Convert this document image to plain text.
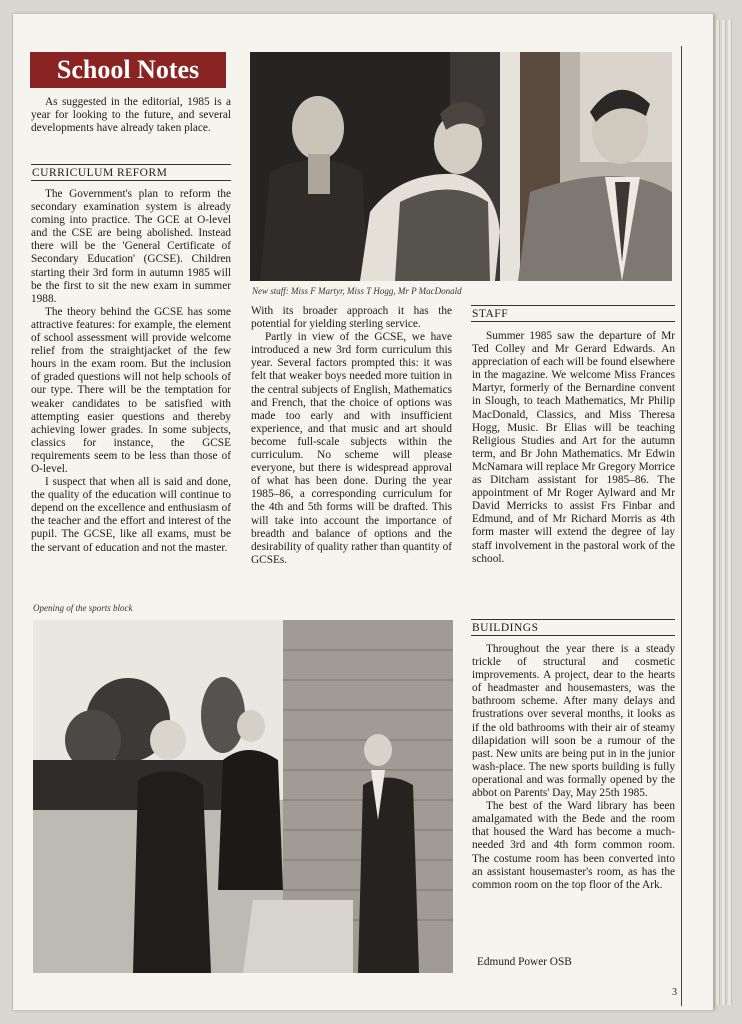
School Notes

As suggested in the editorial, 1985 is a year for looking to the future, and several developments have already taken place.

CURRICULUM REFORM

The Government's plan to reform the secondary examination system is already coming into practice. The GCE at O-level and the CSE are being abolished. Instead there will be the 'General Certificate of Secondary Education' (GCSE). Children starting their 3rd form in autumn 1985 will be the first to sit the new exam in summer 1988.

The theory behind the GCSE has some attractive features: for example, the element of school assessment will provide welcome relief from the straightjacket of the few hours in the exam room. But the inclusion of graded questions will not help schools of our type. There will be the temptation for weaker candidates to be satisfied with attempting easier questions and thereby achieving lower grades. In some subjects, classics for instance, the GCSE requirements seem to be less than those of O-level.

I suspect that when all is said and done, the quality of the education will continue to depend on the excellence and enthusiasm of the teacher and the effort and interest of the pupil. The GCSE, like all exams, must be the servant of education and not the master.

With its broader approach it has the potential for yielding sterling service.

Partly in view of the GCSE, we have introduced a new 3rd form curriculum this year. Several factors prompted this: it was felt that weaker boys needed more tuition in the central subjects of English, Mathematics and French, that the choice of options was made too early and with insufficient experience, and that music and art should become full-scale subjects within the curriculum. No scheme will please everyone, but there is widespread approval of what has been done. During the year 1985–86, a corresponding curriculum for the 4th and 5th forms will be drafted. This will take into account the importance of breadth and balance of options and the desirability of quality rather than quantity of GCSEs.

New staff: Miss F Martyr, Miss T Hogg, Mr P MacDonald
STAFF

Summer 1985 saw the departure of Mr Ted Colley and Mr Gerard Edwards. An appreciation of each will be found elsewhere in the magazine. We welcome Miss Frances Martyr, formerly of the Bernardine convent in Slough, to teach Mathematics, Mr Philip MacDonald, Classics, and Miss Theresa Hogg, Music. Br Elias will be teaching Religious Studies and Art for the autumn term, and Br John Mathematics. Mr Edwin McNamara will replace Mr Gregory Morrice as Ditcham assistant for 1985–86. The appointment of Mr Roger Aylward and Mr David Merricks to assist Frs Finbar and Edmund, and of Mr Richard Morris as 4th form master will extend the degree of lay staff involvement in the pastoral work of the school.

BUILDINGS

Throughout the year there is a steady trickle of structural and cosmetic improvements. A project, dear to the hearts of headmaster and housemasters, was the bathroom scheme. After many delays and frustrations over several months, it looks as if the old bathrooms with their air of steamy dilapidation will soon be a rumour of the past. New units are being put in in the junior wash-place. The new sports building is fully operational and was formally opened by the abbot on Parents' Day, May 25th 1985.

The best of the Ward library has been amalgamated with the Bede and the room that housed the Ward has become a much-needed 3rd and 4th form common room. The costume room has been converted into an assistant housemaster's room, as has the common room on the top floor of the Ark.

Edmund Power OSB
Opening of the sports block
3
